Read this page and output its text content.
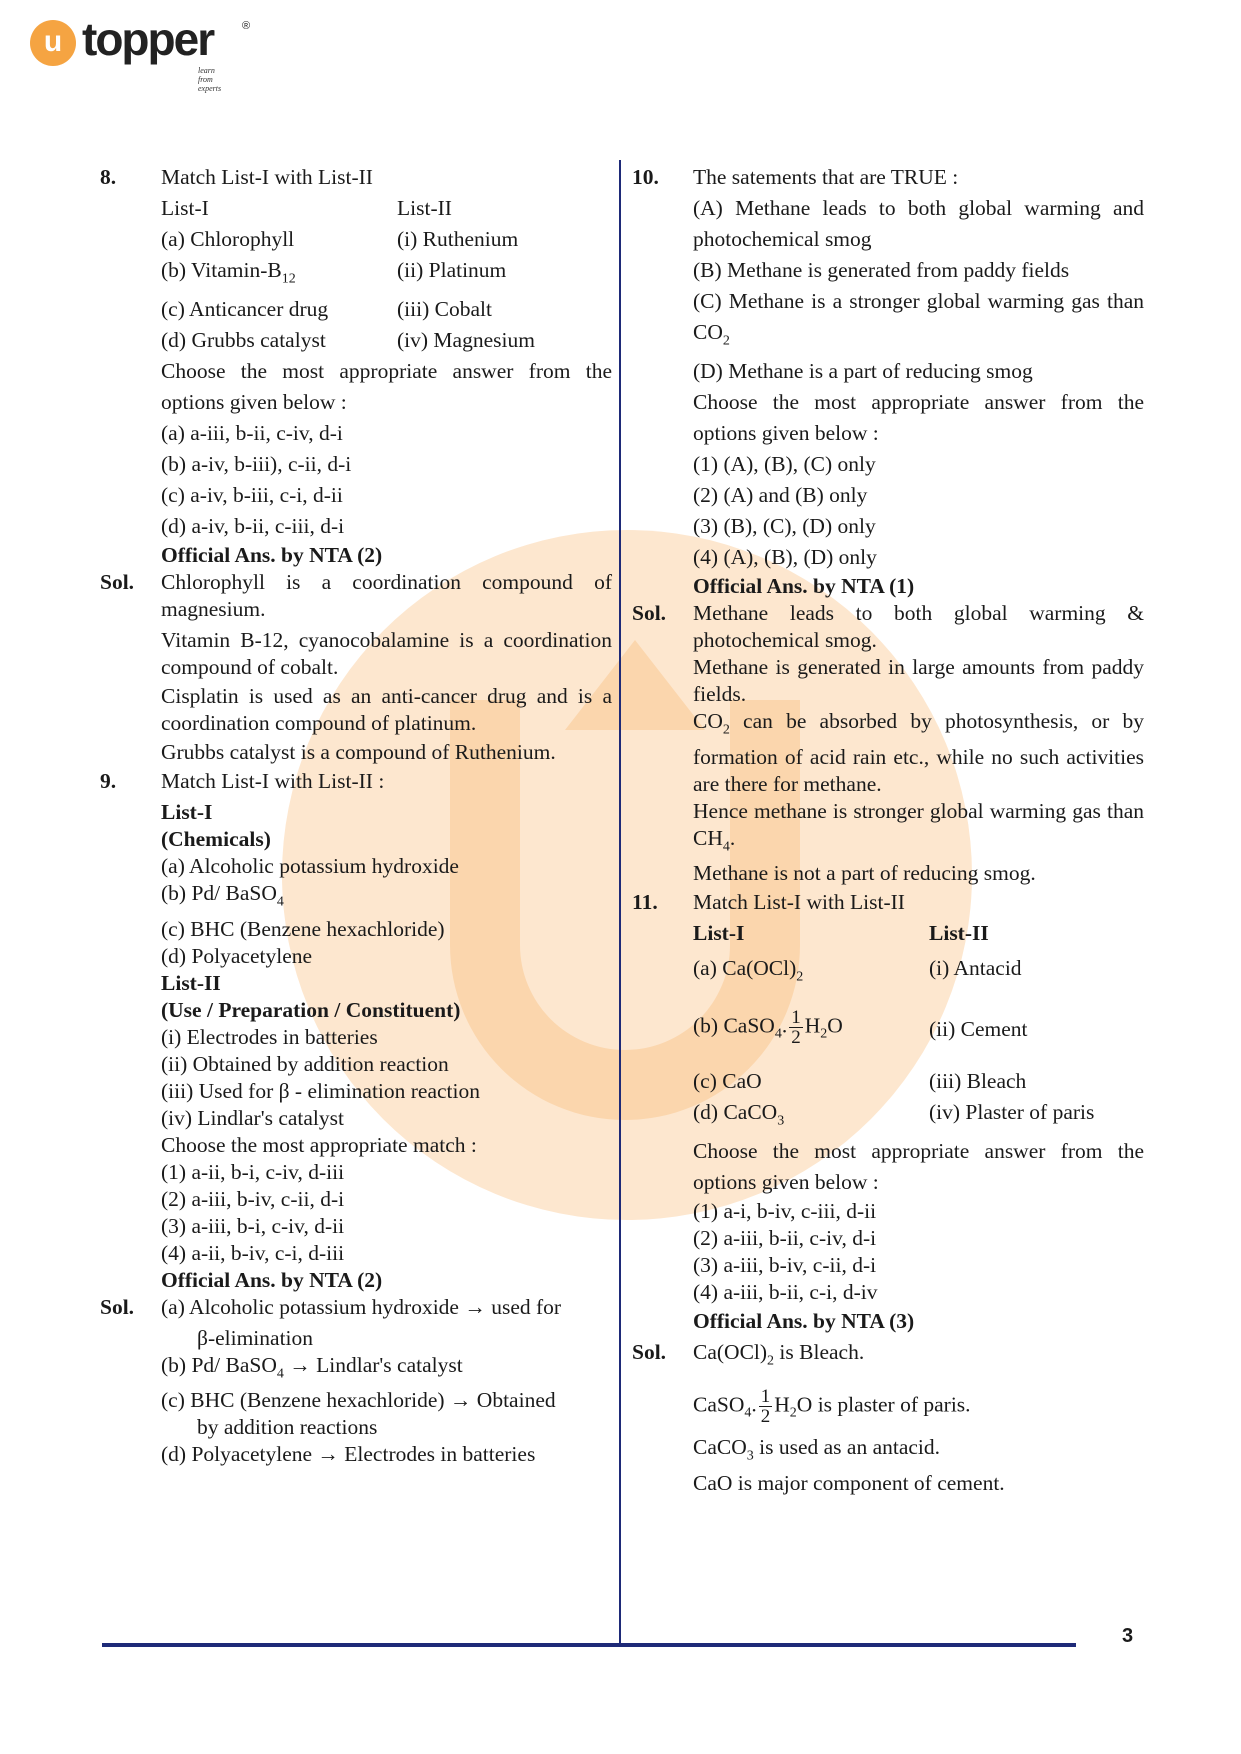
u topper	®
learn from experts
8. Match List-I with List-II
List-I	List-II
(a) Chlorophyll	(i) Ruthenium
(b) Vitamin-$B_{12}$	(ii) Platinum
(c) Anticancer drug	(iii) Cobalt
(d) Grubbs catalyst	(iv) Magnesium
Choose the most appropriate answer from the options given below :
(a) a-iii, b-ii, c-iv, d-i
(b) a-iv, b-iii), c-ii, d-i
(c) a-iv, b-iii, c-i, d-ii
(d) a-iv, b-ii, c-iii, d-i
Official Ans. by NTA (2)
Sol. Chlorophyll is a coordination compound of magnesium.
Vitamin B-12, cyanocobalamine is a coordination compound of cobalt.
Cisplatin is used as an anti-cancer drug and is a coordination compound of platinum.
Grubbs catalyst is a compound of Ruthenium.
9. Match List-I with List-II :
List-I
(Chemicals)
(a) Alcoholic potassium hydroxide
(b) Pd/ BaSO$_4$
(c) BHC (Benzene hexachloride)
(d) Polyacetylene
List-II
(Use / Preparation / Constituent)
(i) Electrodes in batteries
(ii) Obtained by addition reaction
(iii) Used for β - elimination reaction
(iv) Lindlar's catalyst
Choose the most appropriate match :
(1) a-ii, b-i, c-iv, d-iii
(2) a-iii, b-iv, c-ii, d-i
(3) a-iii, b-i, c-iv, d-ii
(4) a-ii, b-iv, c-i, d-iii
Official Ans. by NTA (2)
Sol. (a) Alcoholic potassium hydroxide → used for
β-elimination
(b) Pd/ BaSO$_4$ → Lindlar's catalyst
(c) BHC (Benzene hexachloride) → Obtained
by addition reactions
(d) Polyacetylene → Electrodes in batteries
10. The satements that are TRUE :
(A) Methane leads to both global warming and photochemical smog
(B) Methane is generated from paddy fields
(C) Methane is a stronger global warming gas than $CO_2$
(D) Methane is a part of reducing smog
Choose the most appropriate answer from the options given below :
(1) (A), (B), (C) only
(2) (A) and (B) only
(3) (B), (C), (D) only
(4) (A), (B), (D) only
Official Ans. by NTA (1)
Sol. Methane leads to both global warming & photochemical smog.
Methane is generated in large amounts from paddy fields.
$CO_2$ can be absorbed by photosynthesis, or by formation of acid rain etc., while no such activities are there for methane.
Hence methane is stronger global warming gas than $CH_4$.
Methane is not a part of reducing smog.
11. Match List-I with List-II
List-I	List-II
(a) $Ca(OCl)_2$	(i) Antacid
(b) CaSO$_4$. $\frac{1}{2} H_2O$	(ii) Cement
(c) CaO	(iii) Bleach
(d) CaCO$_3$	(iv) Plaster of paris
Choose the most appropriate answer from the options given below :
(1) a-i, b-iv, c-iii, d-ii
(2) a-iii, b-ii, c-iv, d-i
(3) a-iii, b-iv, c-ii, d-i
(4) a-iii, b-ii, c-i, d-iv
Official Ans. by NTA (3)
Sol. $Ca(OCl)_2$ is Bleach.
CaSO$_4$. $\frac{1}{2} H_2O$ is plaster of paris.
CaCO$_3$ is used as an antacid.
CaO is major component of cement.
3
